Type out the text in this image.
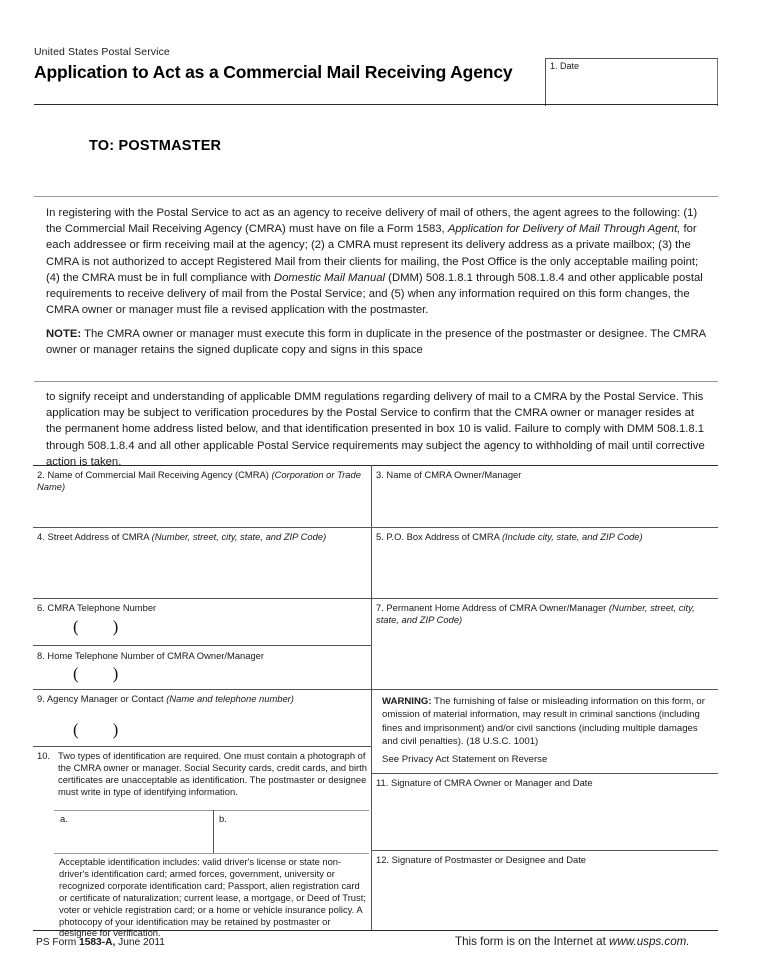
United States Postal Service
Application to Act as a Commercial Mail Receiving Agency	1. Date
TO: POSTMASTER
In registering with the Postal Service to act as an agency to receive delivery of mail of others, the agent agrees to the following: (1) the Commercial Mail Receiving Agency (CMRA) must have on file a Form 1583, Application for Delivery of Mail Through Agent, for each addressee or firm receiving mail at the agency; (2) a CMRA must represent its delivery address as a private mailbox; (3) the CMRA is not authorized to accept Registered Mail from their clients for mailing, the Post Office is the only acceptable mailing point; (4) the CMRA must be in full compliance with Domestic Mail Manual (DMM) 508.1.8.1 through 508.1.8.4 and other applicable postal requirements to receive delivery of mail from the Postal Service; and (5) when any information required on this form changes, the CMRA owner or manager must file a revised application with the postmaster.
NOTE: The CMRA owner or manager must execute this form in duplicate in the presence of the postmaster or designee. The CMRA owner or manager retains the signed duplicate copy and signs in this space
to signify receipt and understanding of applicable DMM regulations regarding delivery of mail to a CMRA by the Postal Service. This application may be subject to verification procedures by the Postal Service to confirm that the CMRA owner or manager resides at the permanent home address listed below, and that identification presented in box 10 is valid. Failure to comply with DMM 508.1.8.1 through 508.1.8.4 and all other applicable Postal Service requirements may subject the agency to withholding of mail until corrective action is taken.
2. Name of Commercial Mail Receiving Agency (CMRA) (Corporation or Trade Name)
3. Name of CMRA Owner/Manager
4. Street Address of CMRA (Number, street, city, state, and ZIP Code)	5. P.O. Box Address of CMRA (Include city, state, and ZIP Code)
6. CMRA Telephone Number
()
7. Permanent Home Address of CMRA Owner/Manager (Number, street, city, state, and ZIP Code)
8. Home Telephone Number of CMRA Owner/Manager
()
9. Agency Manager or Contact (Name and telephone number)
()
WARNING: The furnishing of false or misleading information on this form, or omission of material information, may result in criminal sanctions (including fines and imprisonment) and/or civil sanctions (including multiple damages and civil penalties). (18 U.S.C. 1001)
See Privacy Act Statement on Reverse
10. Two types of identification are required. One must contain a photograph of the CMRA owner or manager. Social Security cards, credit cards, and birth certificates are unacceptable as identification. The postmaster or designee must write in type of identifying information.
a.	b.
Acceptable identification includes: valid driver's license or state non-driver's identification card; armed forces, government, university or recognized corporate identification card; Passport, alien registration card or certificate of naturalization; current lease, a mortgage, or Deed of Trust; voter or vehicle registration card; or a home or vehicle insurance policy. A photocopy of your identification may be retained by postmaster or designee for verification.
11. Signature of CMRA Owner or Manager and Date
12. Signature of Postmaster or Designee and Date
PS Form 1583-A, June 2011	This form is on the Internet at www.usps.com.
